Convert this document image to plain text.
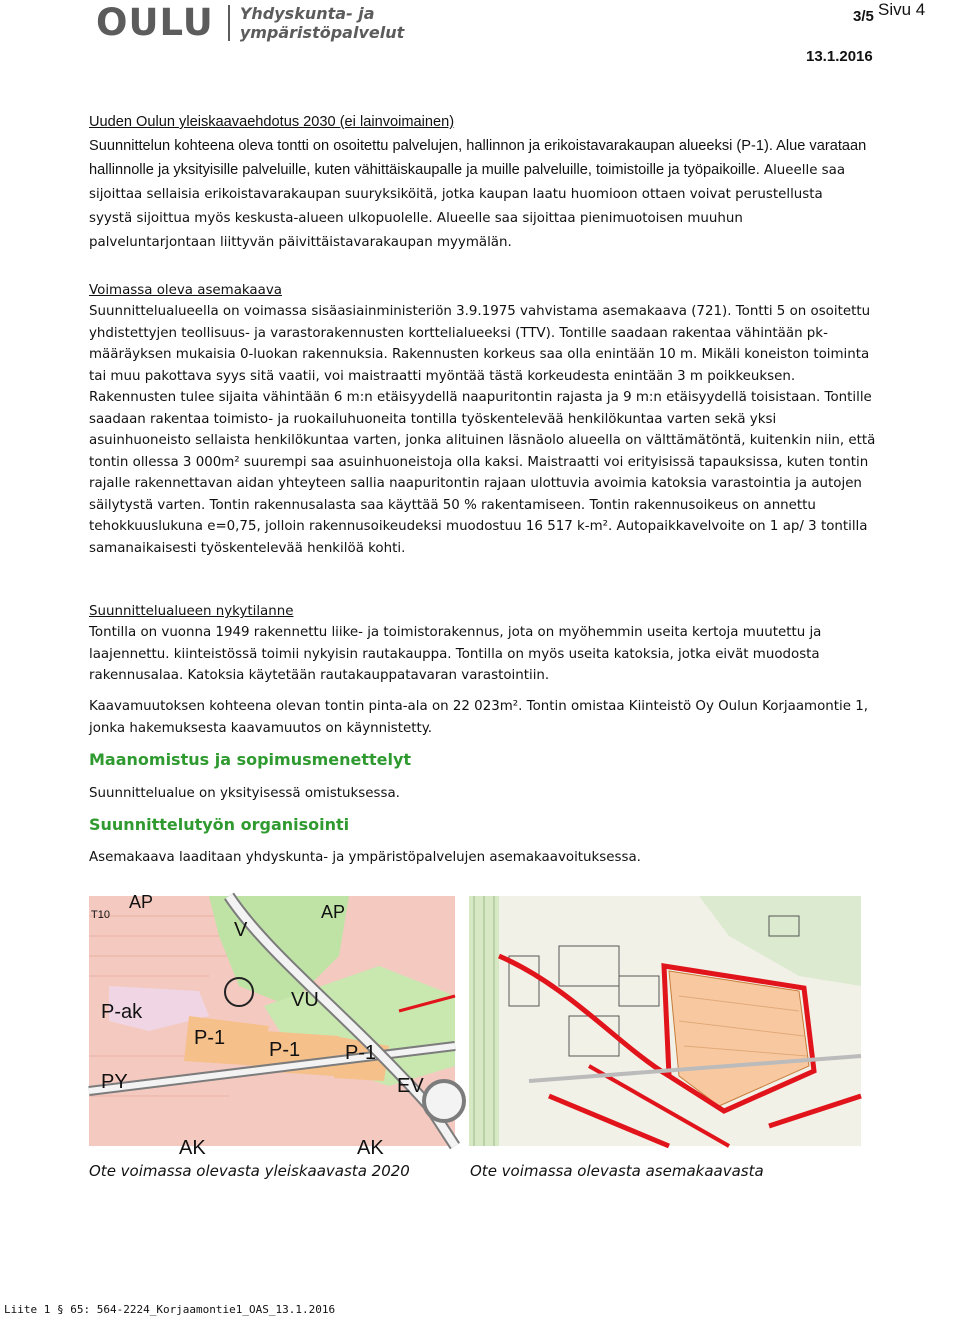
OULU Yhdyskunta- ja
ympäristöpalvelut
3/5 Sivu 4
13.1.2016

Uuden Oulun yleiskaavaehdotus 2030 (ei lainvoimainen)

Suunnittelun kohteena oleva tontti on osoitettu palvelujen, hallinnon ja erikoistavarakaupan alueeksi (P-1). Alue varataan hallinnolle ja yksityisille palveluille, kuten vähittäiskaupalle ja muille palveluille, toimistoille ja työpaikoille. Alueelle saa sijoittaa sellaisia erikoistavarakaupan suuryksiköitä, jotka kaupan laatu huomioon ottaen voivat perustellusta syystä sijoittua myös keskusta-alueen ulkopuolelle. Alueelle saa sijoittaa pienimuotoisen muuhun palveluntarjontaan liittyvän päivittäistavarakaupan myymälän.

Voimassa oleva asemakaava

Suunnittelualueella on voimassa sisäasiainministeriön 3.9.1975 vahvistama asemakaava (721). Tontti 5 on osoitettu yhdistettyjen teollisuus- ja varastorakennusten korttelialueeksi (TTV). Tontille saadaan rakentaa vähintään pk- määräyksen mukaisia 0-luokan rakennuksia. Rakennusten korkeus saa olla enintään 10 m. Mikäli koneiston toiminta tai muu pakottava syys sitä vaatii, voi maistraatti myöntää tästä korkeudesta enintään 3 m poikkeuksen. Rakennusten tulee sijaita vähintään 6 m:n etäisyydellä naapuritontin rajasta ja 9 m:n etäisyydellä toisistaan. Tontille saadaan rakentaa toimisto- ja ruokailuhuoneita tontilla työskentelevää henkilökuntaa varten sekä yksi asuinhuoneisto sellaista henkilökuntaa varten, jonka alituinen läsnäolo alueella on välttämätöntä, kuitenkin niin, että tontin ollessa 3 000m² suurempi saa asuinhuoneistoja olla kaksi. Maistraatti voi erityisissä tapauksissa, kuten tontin rajalle rakennettavan aidan yhteyteen sallia naapuritontin rajaan ulottuvia avoimia katoksia varastointia ja autojen säilytystä varten. Tontin rakennusalasta saa käyttää 50 % rakentamiseen. Tontin rakennusoikeus on annettu tehokkuuslukuna e=0,75, jolloin rakennusoikeudeksi muodostuu 16 517 k-m². Autopaikkavelvoite on 1 ap/ 3 tontilla samanaikaisesti työskentelevää henkilöä kohti.

Suunnittelualueen nykytilanne

Tontilla on vuonna 1949 rakennettu liike- ja toimistorakennus, jota on myöhemmin useita kertoja muutettu ja laajennettu. kiinteistössä toimii nykyisin rautakauppa. Tontilla on myös useita katoksia, jotka eivät muodosta rakennusalaa. Katoksia käytetään rautakauppatavaran varastointiin.

Kaavamuutoksen kohteena olevan tontin pinta-ala on 22 023m². Tontin omistaa Kiinteistö Oy Oulun Korjaamontie 1, jonka hakemuksesta kaavamuutos on käynnistetty.

Maanomistus ja sopimusmenettelyt

Suunnittelualue on yksityisessä omistuksessa.

Suunnittelutyön organisointi

Asemakaava laaditaan yhdyskunta- ja ympäristöpalvelujen asemakaavoituksessa.

AP
V
AP
VU
P-ak
P-1
P-1 P-1
PY	EV
AK	AK
T10
Ote voimassa olevasta yleiskaavasta 2020	Ote voimassa olevasta asemakaavasta
Liite 1 § 65: 564-2224_Korjaamontie1_OAS_13.1.2016
